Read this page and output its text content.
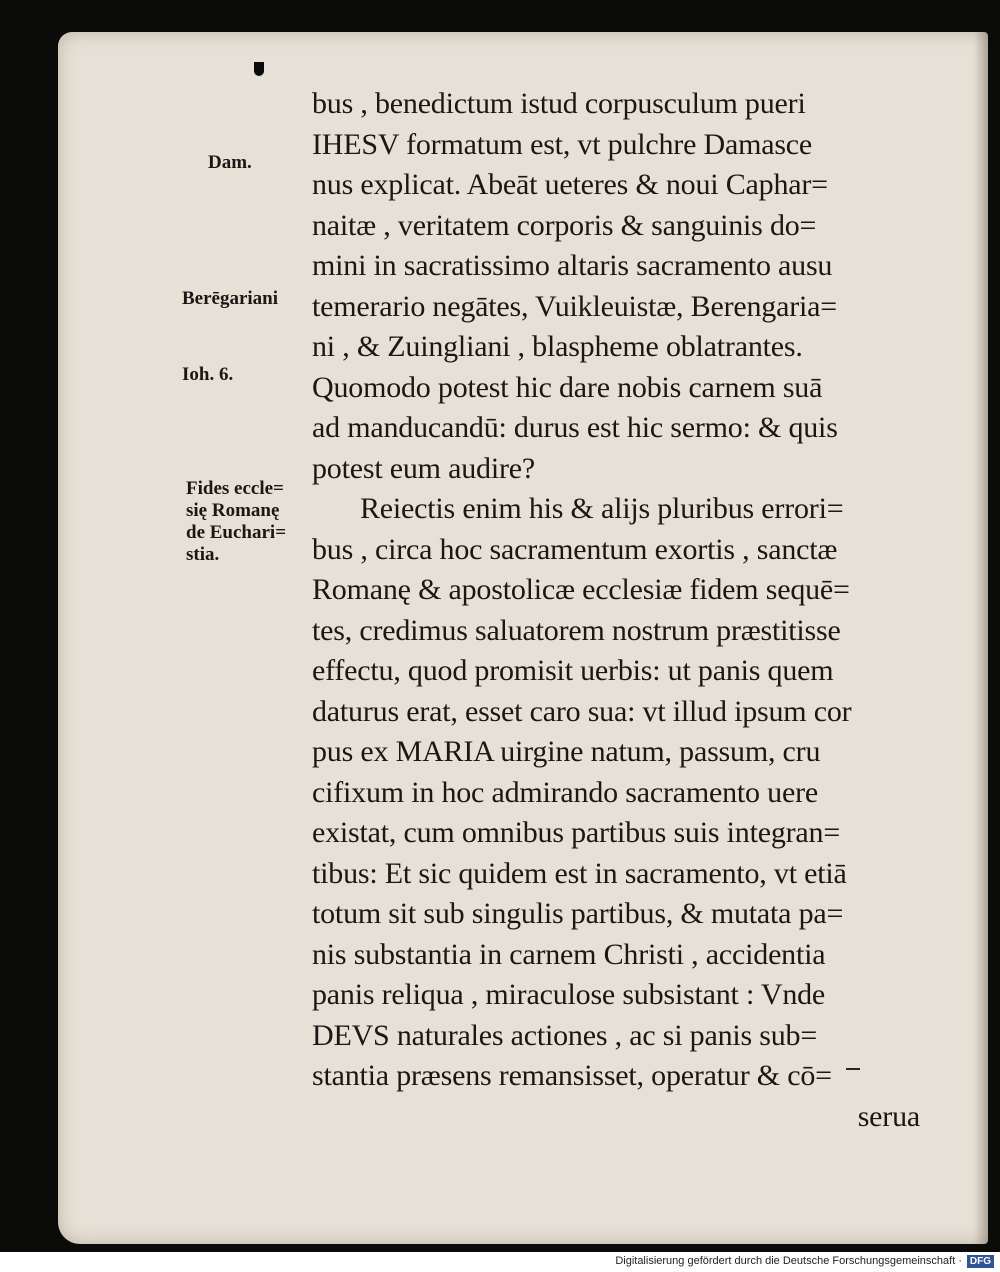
bus , benedictum istud corpusculum pueri
IHESV formatum est, vt pulchre Damasce
nus explicat. Abeāt ueteres & noui Caphar=
naitæ , veritatem corporis & sanguinis do=
mini in sacratissimo altaris sacramento ausu
temerario negātes, Vuikleuistæ, Berengaria=
ni , & Zuingliani , blaspheme oblatrantes.
Quomodo potest hic dare nobis carnem suā
ad manducandū: durus est hic sermo: & quis
potest eum audire?
Reiectis enim his & alijs pluribus errori=
bus , circa hoc sacramentum exortis , sanctæ
Romanę & apostolicæ ecclesiæ fidem sequē=
tes, credimus saluatorem nostrum præstitisse
effectu, quod promisit uerbis: ut panis quem
daturus erat, esset caro sua: vt illud ipsum cor
pus ex MARIA uirgine natum, passum, cru
cifixum in hoc admirando sacramento uere
existat, cum omnibus partibus suis integran=
tibus: Et sic quidem est in sacramento, vt etiā
totum sit sub singulis partibus, & mutata pa=
nis substantia in carnem Christi , accidentia
panis reliqua , miraculose subsistant : Vnde
DEVS naturales actiones , ac si panis sub=
stantia præsens remansisset, operatur & cō=
serua
Dam.
Berēgariani
Ioh. 6.
Fides eccle=
się Romanę
de Euchari=
stia.
Digitalisierung gefördert durch die Deutsche Forschungsgemeinschaft · DFG
